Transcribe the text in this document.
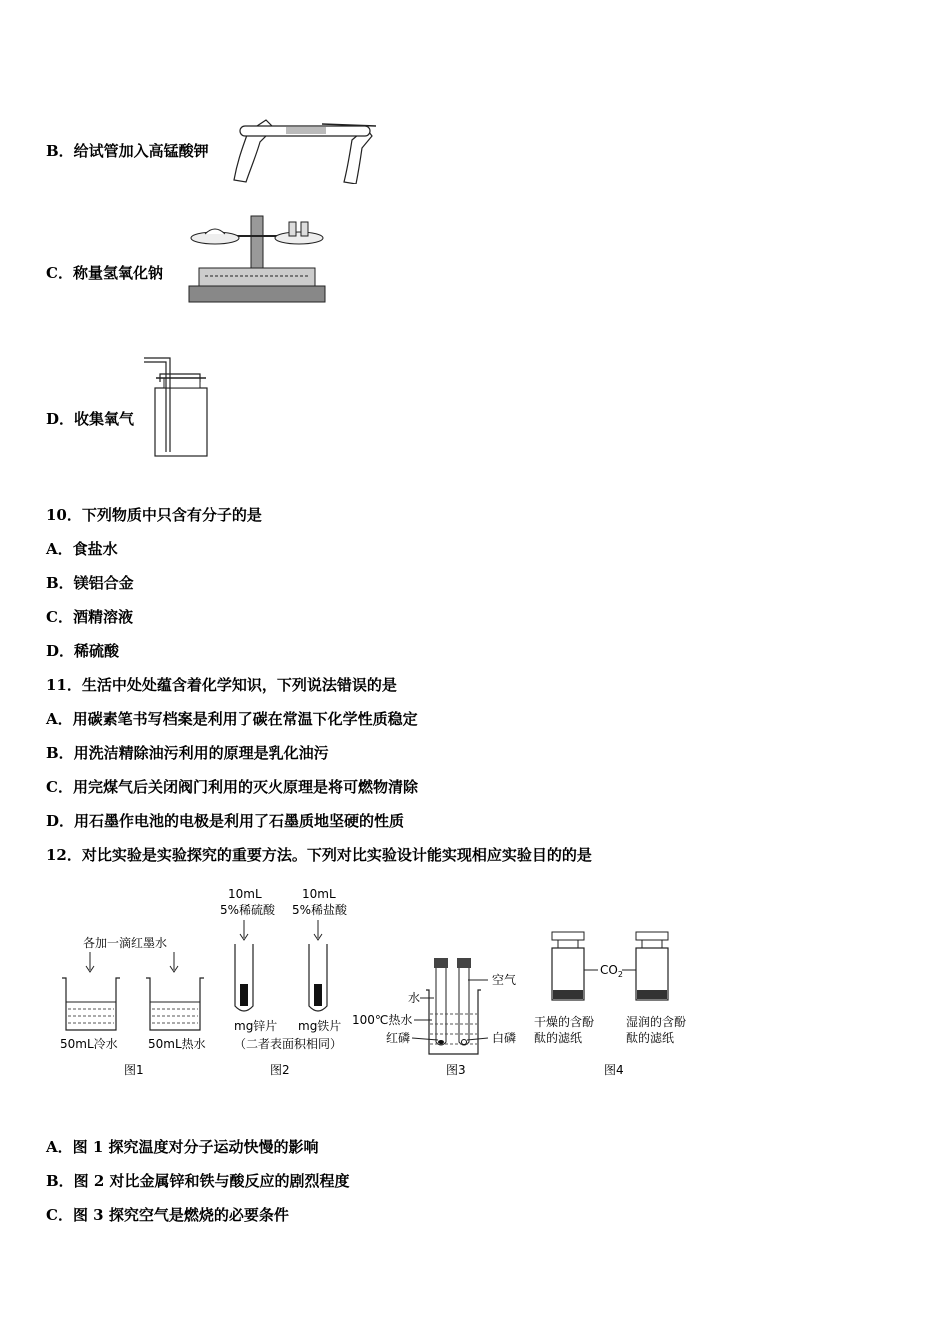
B．给试管加入高锰酸钾
C．称量氢氧化钠
D．收集氧气
10．下列物质中只含有分子的是
A．食盐水
B．镁铝合金
C．酒精溶液
D．稀硫酸
11．生活中处处蕴含着化学知识，下列说法错误的是
A．用碳素笔书写档案是利用了碳在常温下化学性质稳定
B．用洗洁精除油污利用的原理是乳化油污
C．用完煤气后关闭阀门利用的灭火原理是将可燃物清除
D．用石墨作电池的电极是利用了石墨质地坚硬的性质
12．对比实验是实验探究的重要方法。下列对比实验设计能实现相应实验目的的是
各加一滴红墨水
50mL冷水	50mL热水
图1
10mL
5%稀硫酸
10mL
5%稀盐酸
mg锌片 mg铁片
（二者表面积相同）
图2
空气
水
100℃热水
红磷	白磷
图3
$CO_2$
干燥的含酚
酞的滤纸
湿润的含酚
酞的滤纸
图4
A．图 1 探究温度对分子运动快慢的影响
B．图 2 对比金属锌和铁与酸反应的剧烈程度
C．图 3 探究空气是燃烧的必要条件
